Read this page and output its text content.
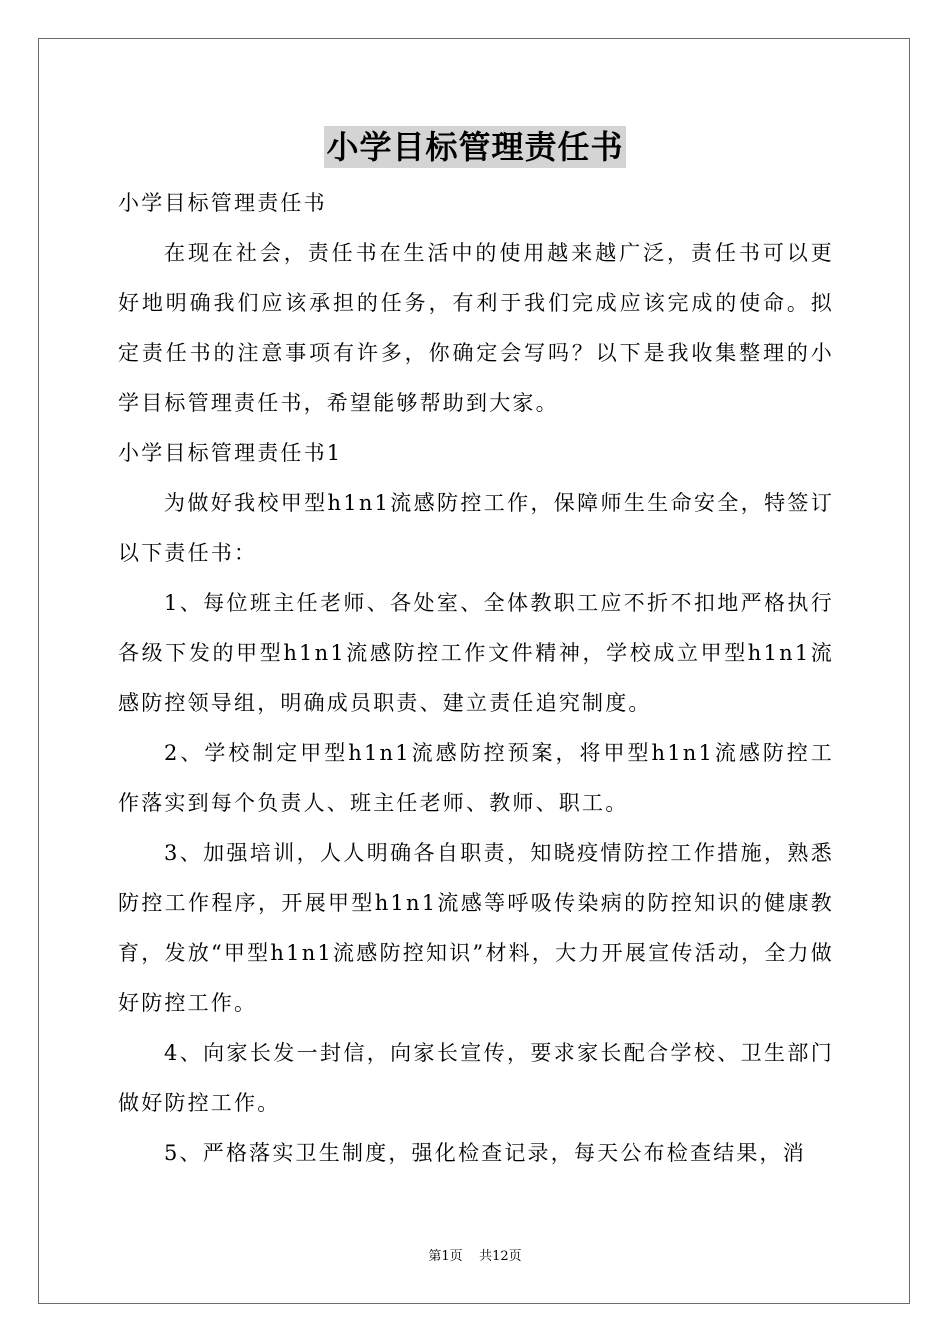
小学目标管理责任书

小学目标管理责任书

在现在社会，责任书在生活中的使用越来越广泛，责任书可以更好地明确我们应该承担的任务，有利于我们完成应该完成的使命。拟定责任书的注意事项有许多，你确定会写吗？以下是我收集整理的小学目标管理责任书，希望能够帮助到大家。

小学目标管理责任书1

为做好我校甲型h1n1流感防控工作，保障师生生命安全，特签订以下责任书：

1、每位班主任老师、各处室、全体教职工应不折不扣地严格执行各级下发的甲型h1n1流感防控工作文件精神，学校成立甲型h1n1流感防控领导组，明确成员职责、建立责任追究制度。

2、学校制定甲型h1n1流感防控预案，将甲型h1n1流感防控工作落实到每个负责人、班主任老师、教师、职工。

3、加强培训，人人明确各自职责，知晓疫情防控工作措施，熟悉防控工作程序，开展甲型h1n1流感等呼吸传染病的防控知识的健康教育，发放“甲型h1n1流感防控知识”材料，大力开展宣传活动，全力做好防控工作。

4、向家长发一封信，向家长宣传，要求家长配合学校、卫生部门做好防控工作。

5、严格落实卫生制度，强化检查记录，每天公布检查结果，消

第1页 共12页
